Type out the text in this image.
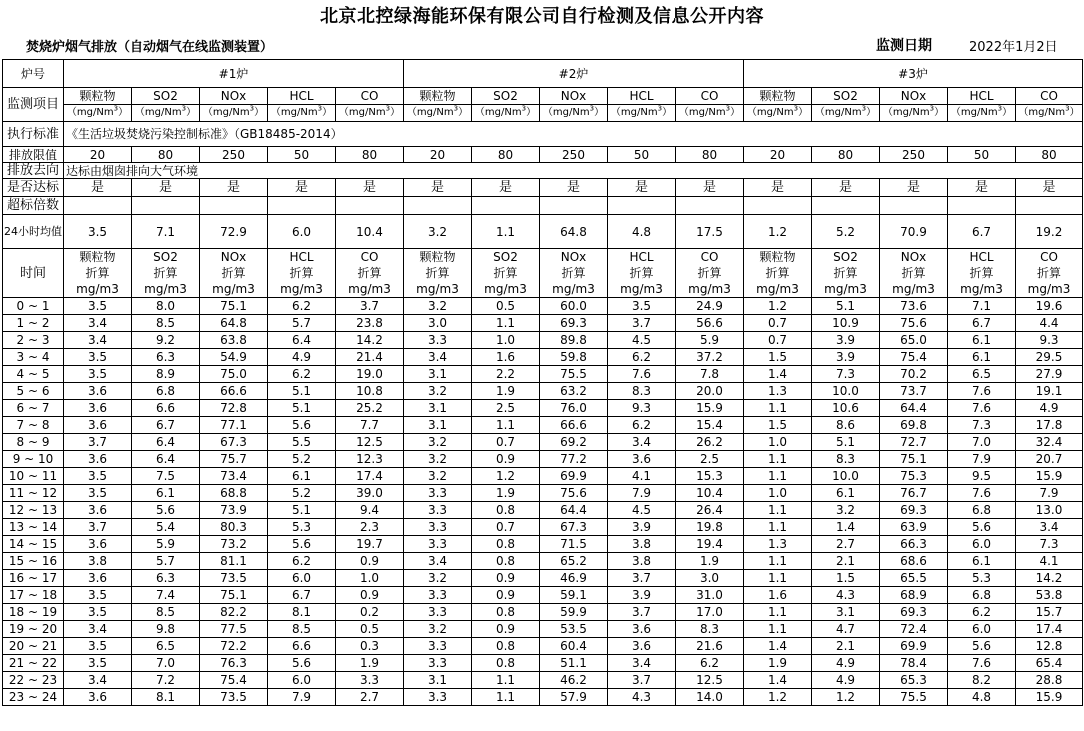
北京北控绿海能环保有限公司自行检测及信息公开内容
焚烧炉烟气排放（自动烟气在线监测装置）	监测日期	2022年1月2日
炉号	#1炉					#2炉					#3炉				
监测项目	颗粒物	SO2	NOx	HCL	CO	颗粒物	SO2	NOx	HCL	CO	颗粒物	SO2	NOx	HCL	CO
	（mg/Nm$^3$）	（mg/Nm$^3$）	（mg/Nm$^3$）	（mg/Nm$^3$）	（mg/Nm$^3$）	（mg/Nm$^3$）	（mg/Nm$^3$）	（mg/Nm$^3$）	（mg/Nm$^3$）	（mg/Nm$^3$）	（mg/Nm$^3$）	（mg/Nm$^3$）	（mg/Nm$^3$）	（mg/Nm$^3$）	（mg/Nm$^3$）
执行标准	《生活垃圾焚烧污染控制标准》（GB18485-2014）														
排放限值	20	80	250	50	80	20	80	250	50	80	20	80	250	50	80
排放去向	达标由烟囱排向大气环境														
是否达标	是	是	是	是	是	是	是	是	是	是	是	是	是	是	是
超标倍数															
24小时均值	3.5	7.1	72.9	6.0	10.4	3.2	1.1	64.8	4.8	17.5	1.2	5.2	70.9	6.7	19.2
时间	颗粒物	SO2	NOx	HCL	CO	颗粒物	SO2	NOx	HCL	CO	颗粒物	SO2	NOx	HCL	CO
	折算	折算	折算	折算	折算	折算	折算	折算	折算	折算	折算	折算	折算	折算	折算
	mg/m3	mg/m3	mg/m3	mg/m3	mg/m3	mg/m3	mg/m3	mg/m3	mg/m3	mg/m3	mg/m3	mg/m3	mg/m3	mg/m3	mg/m3
0 ~ 1	3.5	8.0	75.1	6.2	3.7	3.2	0.5	60.0	3.5	24.9	1.2	5.1	73.6	7.1	19.6
1 ~ 2	3.4	8.5	64.8	5.7	23.8	3.0	1.1	69.3	3.7	56.6	0.7	10.9	75.6	6.7	4.4
2 ~ 3	3.4	9.2	63.8	6.4	14.2	3.3	1.0	89.8	4.5	5.9	0.7	3.9	65.0	6.1	9.3
3 ~ 4	3.5	6.3	54.9	4.9	21.4	3.4	1.6	59.8	6.2	37.2	1.5	3.9	75.4	6.1	29.5
4 ~ 5	3.5	8.9	75.0	6.2	19.0	3.1	2.2	75.5	7.6	7.8	1.4	7.3	70.2	6.5	27.9
5 ~ 6	3.6	6.8	66.6	5.1	10.8	3.2	1.9	63.2	8.3	20.0	1.3	10.0	73.7	7.6	19.1
6 ~ 7	3.6	6.6	72.8	5.1	25.2	3.1	2.5	76.0	9.3	15.9	1.1	10.6	64.4	7.6	4.9
7 ~ 8	3.6	6.7	77.1	5.6	7.7	3.1	1.1	66.6	6.2	15.4	1.5	8.6	69.8	7.3	17.8
8 ~ 9	3.7	6.4	67.3	5.5	12.5	3.2	0.7	69.2	3.4	26.2	1.0	5.1	72.7	7.0	32.4
9 ~ 10	3.6	6.4	75.7	5.2	12.3	3.2	0.9	77.2	3.6	2.5	1.1	8.3	75.1	7.9	20.7
10 ~ 11	3.5	7.5	73.4	6.1	17.4	3.2	1.2	69.9	4.1	15.3	1.1	10.0	75.3	9.5	15.9
11 ~ 12	3.5	6.1	68.8	5.2	39.0	3.3	1.9	75.6	7.9	10.4	1.0	6.1	76.7	7.6	7.9
12 ~ 13	3.6	5.6	73.9	5.1	9.4	3.3	0.8	64.4	4.5	26.4	1.1	3.2	69.3	6.8	13.0
13 ~ 14	3.7	5.4	80.3	5.3	2.3	3.3	0.7	67.3	3.9	19.8	1.1	1.4	63.9	5.6	3.4
14 ~ 15	3.6	5.9	73.2	5.6	19.7	3.3	0.8	71.5	3.8	19.4	1.3	2.7	66.3	6.0	7.3
15 ~ 16	3.8	5.7	81.1	6.2	0.9	3.4	0.8	65.2	3.8	1.9	1.1	2.1	68.6	6.1	4.1
16 ~ 17	3.6	6.3	73.5	6.0	1.0	3.2	0.9	46.9	3.7	3.0	1.1	1.5	65.5	5.3	14.2
17 ~ 18	3.5	7.4	75.1	6.7	0.9	3.3	0.9	59.1	3.9	31.0	1.6	4.3	68.9	6.8	53.8
18 ~ 19	3.5	8.5	82.2	8.1	0.2	3.3	0.8	59.9	3.7	17.0	1.1	3.1	69.3	6.2	15.7
19 ~ 20	3.4	9.8	77.5	8.5	0.5	3.2	0.9	53.5	3.6	8.3	1.1	4.7	72.4	6.0	17.4
20 ~ 21	3.5	6.5	72.2	6.6	0.3	3.3	0.8	60.4	3.6	21.6	1.4	2.1	69.9	5.6	12.8
21 ~ 22	3.5	7.0	76.3	5.6	1.9	3.3	0.8	51.1	3.4	6.2	1.9	4.9	78.4	7.6	65.4
22 ~ 23	3.4	7.2	75.4	6.0	3.3	3.1	1.1	46.2	3.7	12.5	1.4	4.9	65.3	8.2	28.8
23 ~ 24	3.6	8.1	73.5	7.9	2.7	3.3	1.1	57.9	4.3	14.0	1.2	1.2	75.5	4.8	15.9
